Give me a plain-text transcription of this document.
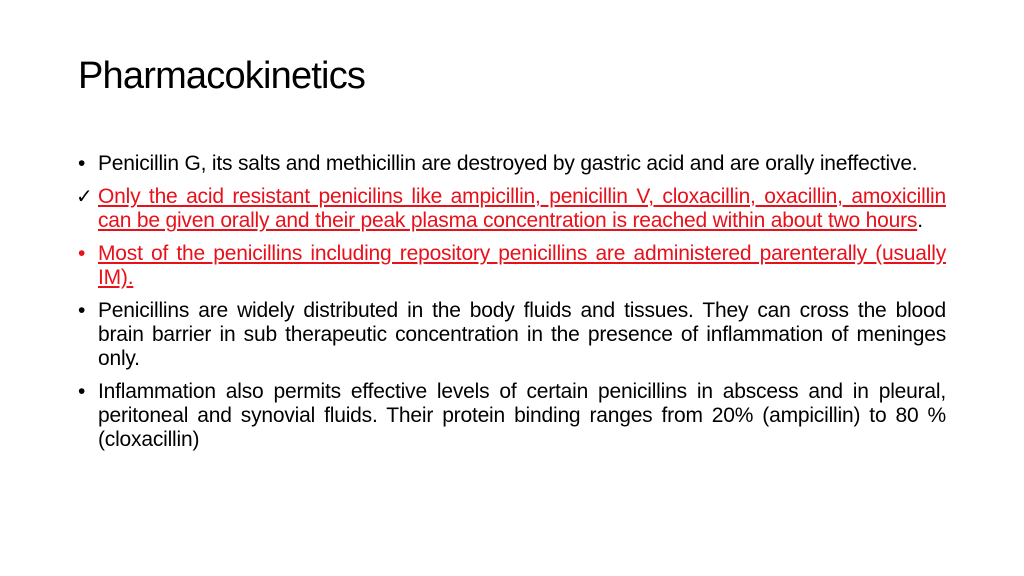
Pharmacokinetics
• Penicillin G, its salts and methicillin are destroyed by gastric acid and are orally ineffective.
✓ Only the acid resistant penicilins like ampicillin, penicillin V, cloxacillin, oxacillin, amoxicillin can be given orally and their peak plasma concentration is reached within about two hours.
• Most of the penicillins including repository penicillins are administered parenterally (usually IM).
• Penicillins are widely distributed in the body fluids and tissues. They can cross the blood brain barrier in sub therapeutic concentration in the presence of inflammation of meninges only.
• Inflammation also permits effective levels of certain penicillins in abscess and in pleural, peritoneal and synovial fluids. Their protein binding ranges from 20% (ampicillin) to 80 % (cloxacillin)
